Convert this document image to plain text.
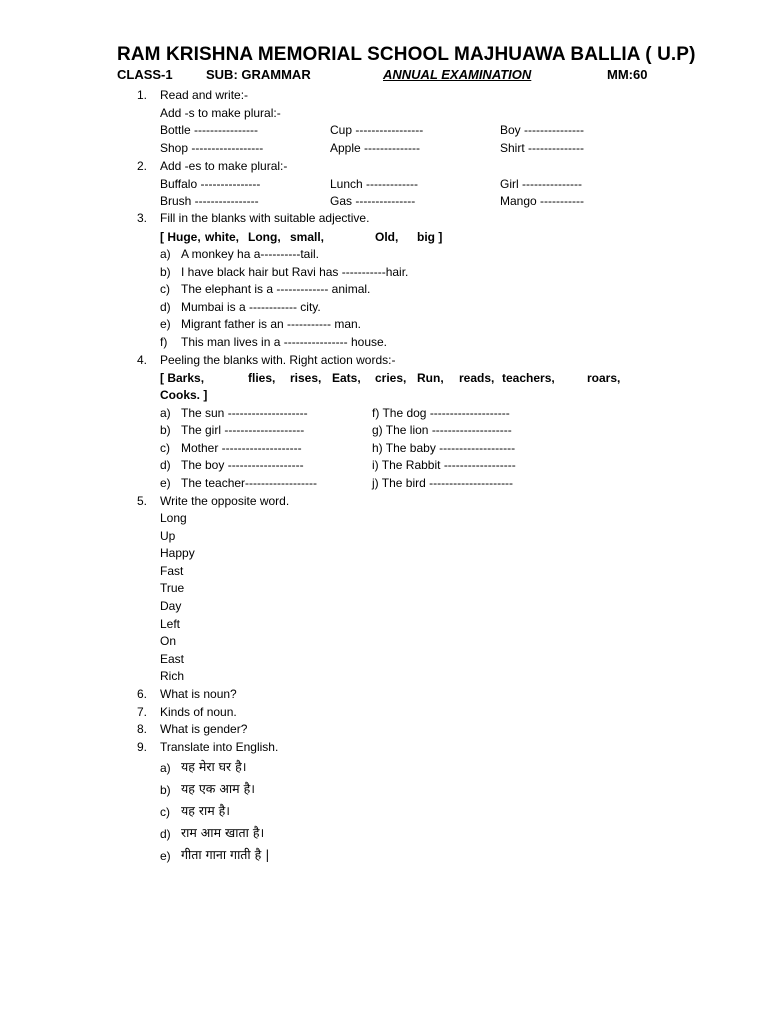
RAM KRISHNA MEMORIAL SCHOOL MAJHUAWA BALLIA ( U.P)
CLASS-1	SUB: GRAMMAR	ANNUAL EXAMINATION	MM:60
1. Read and write:-
Add -s to make plural:-
Bottle ----------------	Cup -----------------	Boy ---------------
Shop ------------------	Apple --------------	Shirt --------------
2. Add -es to make plural:-
Buffalo ---------------	Lunch -------------	Girl ---------------
Brush ----------------	Gas ---------------	Mango -----------
3. Fill in the blanks with suitable adjective.
[ Huge, white, Long, small,	Old, big ]
a) A monkey ha a----------tail.
b) I have black hair but Ravi has -----------hair.
c) The elephant is a ------------- animal.
d) Mumbai is a ------------ city.
e) Migrant father is an ----------- man.
f) This man lives in a ---------------- house.
4. Peeling the blanks with. Right action words:-
[ Barks,	flies, rises, Eats, cries, Run, reads, teachers,	roars,
Cooks. ]
a) The sun --------------------	f) The dog --------------------
b) The girl --------------------	g) The lion --------------------
c) Mother --------------------	h) The baby -------------------
d) The boy -------------------	i) The Rabbit ------------------
e) The teacher------------------	j) The bird ---------------------
5. Write the opposite word.
Long
Up
Happy
Fast
True
Day
Left
On
East
Rich
6. What is noun?
7. Kinds of noun.
8. What is gender?
9. Translate into English.
a) यह मेरा घर है।
b) यह एक आम है।
c) यह राम है।
d) राम आम खाता है।
e) गीता गाना गाती है |
